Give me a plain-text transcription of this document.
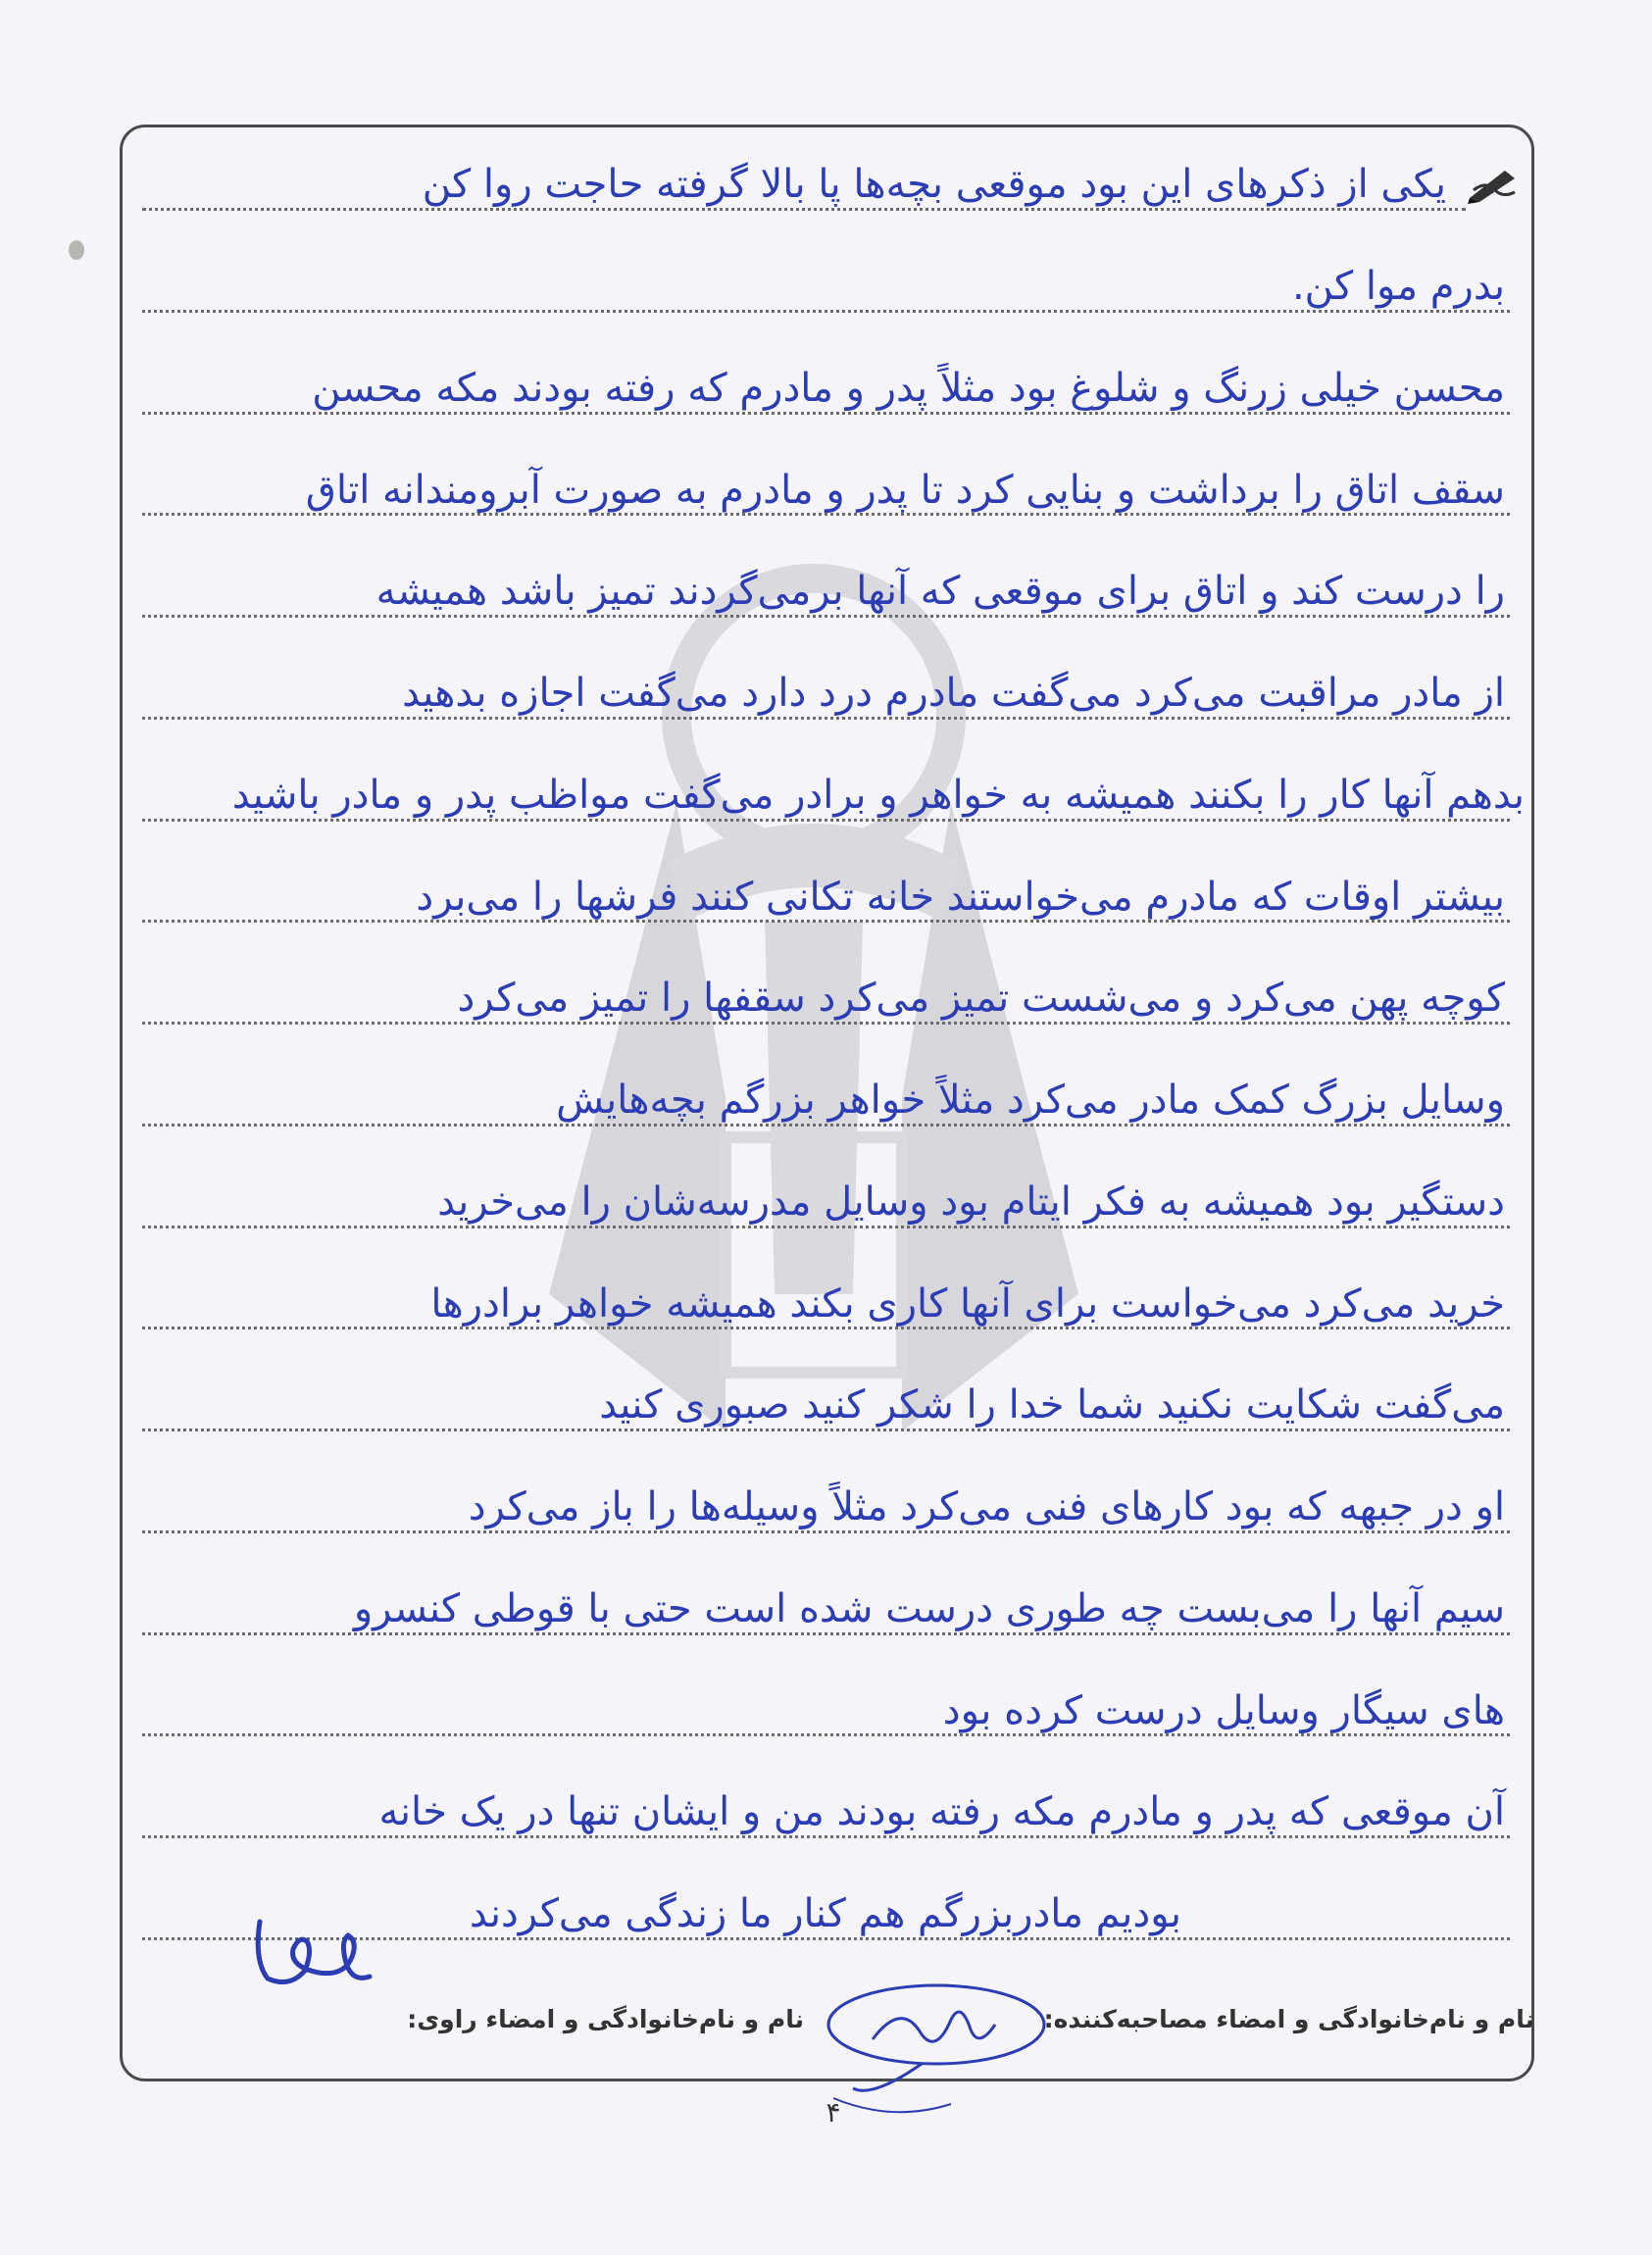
یکی از ذکرهای این بود موقعی بچه‌ها پا بالا گرفته حاجت روا کن
بدرم موا کن.
محسن خیلی زرنگ و شلوغ بود مثلاً پدر و مادرم که رفته بودند مکه محسن
سقف اتاق را برداشت و بنایی کرد تا پدر و مادرم به صورت آبرومندانه اتاق
را درست کند و اتاق برای موقعی که آنها برمی‌گردند تمیز باشد همیشه
از مادر مراقبت می‌کرد می‌گفت مادرم درد دارد می‌گفت اجازه بدهید
بدهم آنها کار را بکنند همیشه به خواهر و برادر می‌گفت مواظب پدر و مادر باشید
بیشتر اوقات که مادرم می‌خواستند خانه تکانی کنند فرشها را می‌برد
کوچه پهن می‌کرد و می‌شست تمیز می‌کرد سقفها را تمیز می‌کرد
وسایل بزرگ کمک مادر می‌کرد مثلاً خواهر بزرگم بچه‌هایش
دستگیر بود همیشه به فکر ایتام بود وسایل مدرسه‌شان را می‌خرید
خرید می‌کرد می‌خواست برای آنها کاری بکند همیشه خواهر برادرها
می‌گفت شکایت نکنید شما خدا را شکر کنید صبوری کنید
او در جبهه که بود کارهای فنی می‌کرد مثلاً وسیله‌ها را باز می‌کرد
سیم آنها را می‌بست چه طوری درست شده است حتی با قوطی کنسرو
های سیگار وسایل درست کرده بود
آن موقعی که پدر و مادرم مکه رفته بودند من و ایشان تنها در یک خانه
بودیم مادربزرگم هم کنار ما زندگی می‌کردند
نام و نام‌خانوادگی و امضاء مصاحبه‌کننده:
نام و نام‌خانوادگی و امضاء راوی:
۴
